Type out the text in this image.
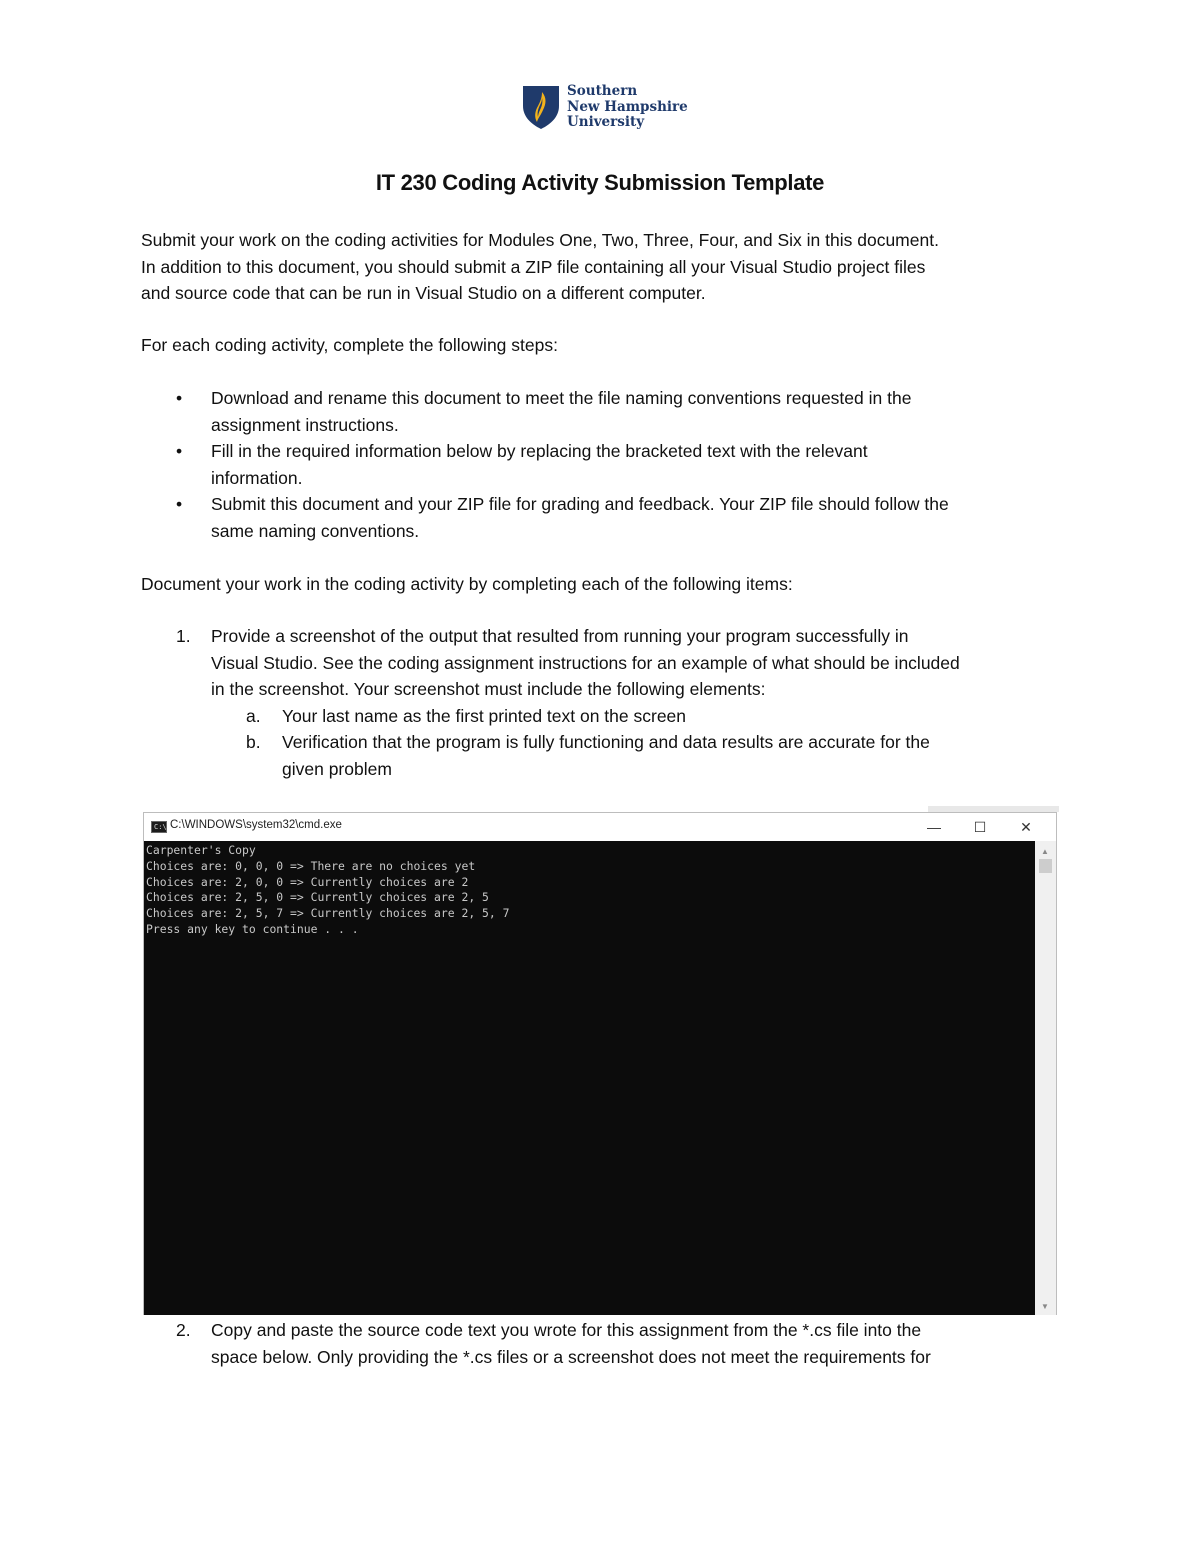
Southern
New Hampshire
University
IT 230 Coding Activity Submission Template
Submit your work on the coding activities for Modules One, Two, Three, Four, and Six in this document.
In addition to this document, you should submit a ZIP file containing all your Visual Studio project files
and source code that can be run in Visual Studio on a different computer.
For each coding activity, complete the following steps:
• Download and rename this document to meet the file naming conventions requested in the
assignment instructions.
• Fill in the required information below by replacing the bracketed text with the relevant
information.
• Submit this document and your ZIP file for grading and feedback. Your ZIP file should follow the
same naming conventions.
Document your work in the coding activity by completing each of the following items:
1. Provide a screenshot of the output that resulted from running your program successfully in
Visual Studio. See the coding assignment instructions for an example of what should be included
in the screenshot. Your screenshot must include the following elements:
a. Your last name as the first printed text on the screen
b. Verification that the program is fully functioning and data results are accurate for the
given problem
C:\ C:\WINDOWS\system32\cmd.exe	—	☐	✕
Carpenter's Copy
Choices are: 0, 0, 0 => There are no choices yet
Choices are: 2, 0, 0 => Currently choices are 2
Choices are: 2, 5, 0 => Currently choices are 2, 5
Choices are: 2, 5, 7 => Currently choices are 2, 5, 7
Press any key to continue . . .
▲
▼
2. Copy and paste the source code text you wrote for this assignment from the *.cs file into the
space below. Only providing the *.cs files or a screenshot does not meet the requirements for
